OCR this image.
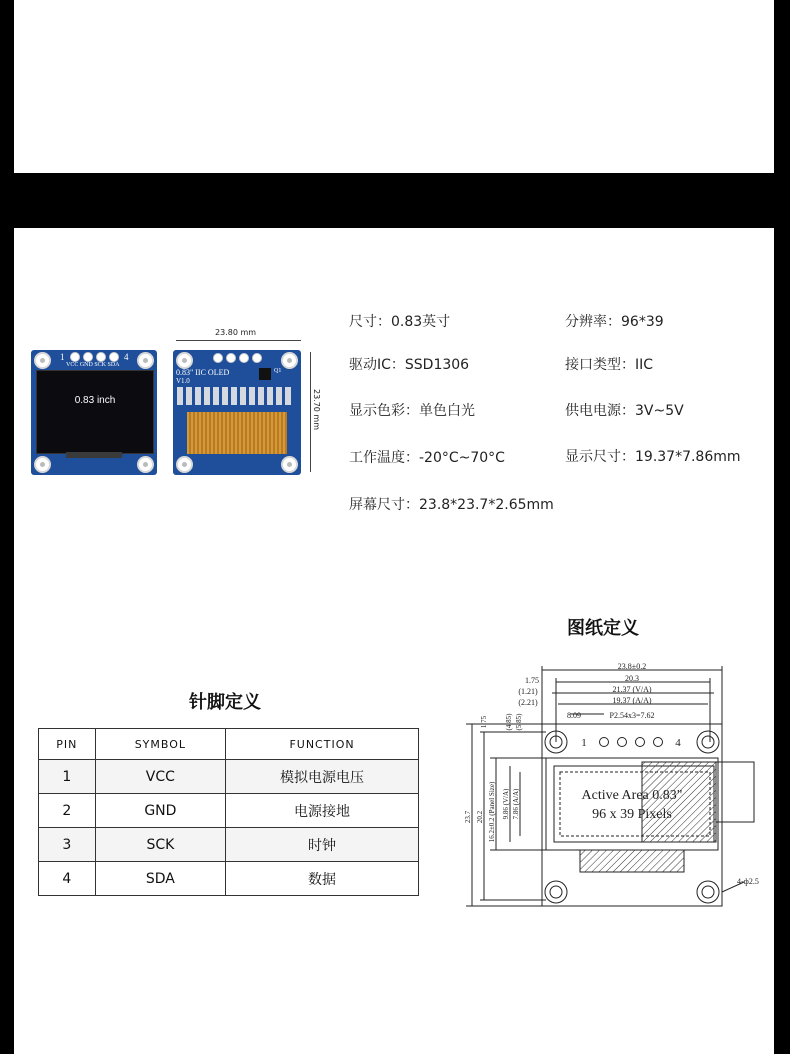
1	4
VCC GND SCK SDA
0.83 inch
23.80 mm
0.83" IIC OLED
V1.0
Q1
23.70 mm
尺寸：0.83英寸	分辨率：96*39
驱动IC：SSD1306	接口类型：IIC
显示色彩：单色白光	供电电源：3V~5V
工作温度：-20°C~70°C	显示尺寸：19.37*7.86mm
屏幕尺寸：23.8*23.7*2.65mm
针脚定义
PIN	SYMBOL	FUNCTION
1	VCC	模拟电源电压
2	GND	电源接地
3	SCK	时钟
4	SDA	数据
图纸定义
23.8±0.2
1.75	20.3
(1.21)	21.37 (V/A)
(2.21)	19.37 (A/A)
8.09	P2.54x3=7.62
4-ф2.5
1	4
Active Area 0.83"
96 x 39 Pixels
1.75 (4.85) (5.85)
23.7 20.2 16.2±0.2 (Panel Size) 9.86 (V/A) 7.86 (A/A)
